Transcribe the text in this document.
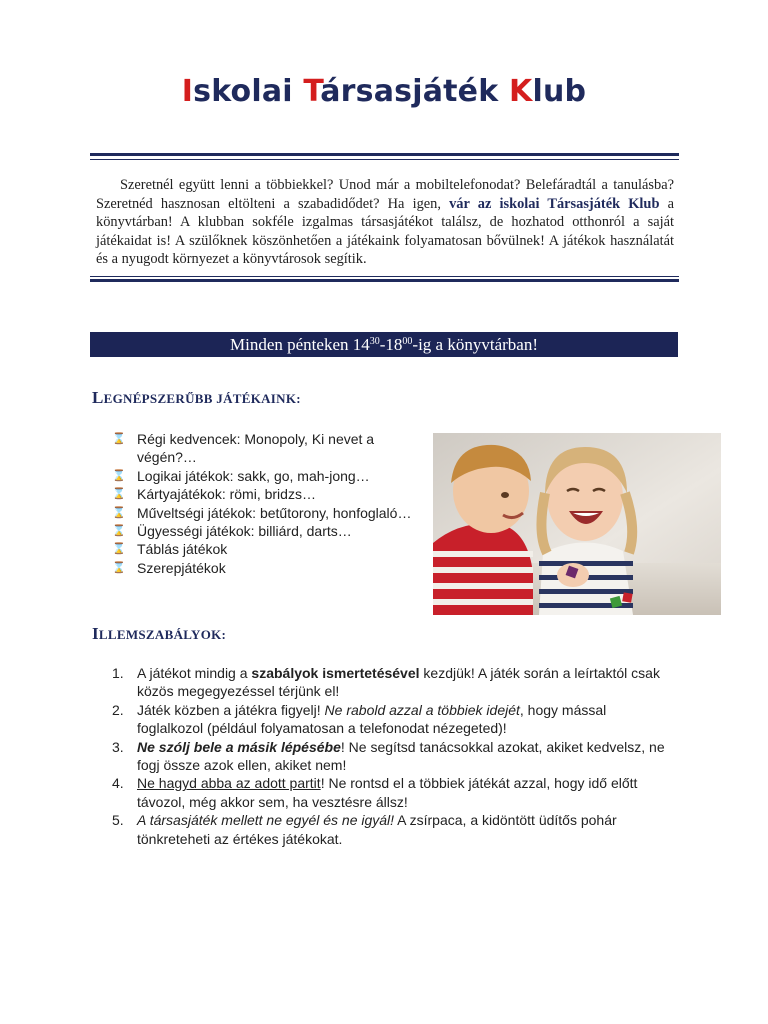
Iskolai Társasjáték Klub

Szeretnél együtt lenni a többiekkel? Unod már a mobiltelefonodat? Belefáradtál a tanulásba? Szeretnéd hasznosan eltölteni a szabadidődet? Ha igen, vár az iskolai Társasjáték Klub a könyvtárban! A klubban sokféle izgalmas társasjátékot találsz, de hozhatod otthonról a saját játékaidat is! A szülőknek köszönhetően a játékaink folyamatosan bővülnek! A játékok használatát és a nyugodt környezet a könyvtárosok segítik.

Minden pénteken $14^{30}-18^{00}-ig$ a könyvtárban!
LEGNÉPSZERŰBB JÁTÉKAINK:
⌛ Régi kedvencek: Monopoly, Ki nevet a végén?…
⌛ Logikai játékok: sakk, go, mah-jong…
⌛ Kártyajátékok: römi, bridzs…
⌛ Műveltségi játékok: betűtorony, honfoglaló…
⌛ Ügyességi játékok: billiárd, darts…
⌛ Táblás játékok
⌛ Szerepjátékok
ILLEMSZABÁLYOK:
1. A játékot mindig a szabályok ismertetésével kezdjük! A játék során a leírtaktól csak közös megegyezéssel térjünk el!
2. Játék közben a játékra figyelj! Ne rabold azzal a többiek idejét, hogy mással foglalkozol (például folyamatosan a telefonodat nézegeted)!
3. Ne szólj bele a másik lépésébe! Ne segítsd tanácsokkal azokat, akiket kedvelsz, ne fogj össze azok ellen, akiket nem!
4. Ne hagyd abba az adott partit! Ne rontsd el a többiek játékát azzal, hogy idő előtt távozol, még akkor sem, ha vesztésre állsz!
5. A társasjáték mellett ne egyél és ne igyál! A zsírpaca, a kidöntött üdítős pohár tönkreteheti az értékes játékokat.
